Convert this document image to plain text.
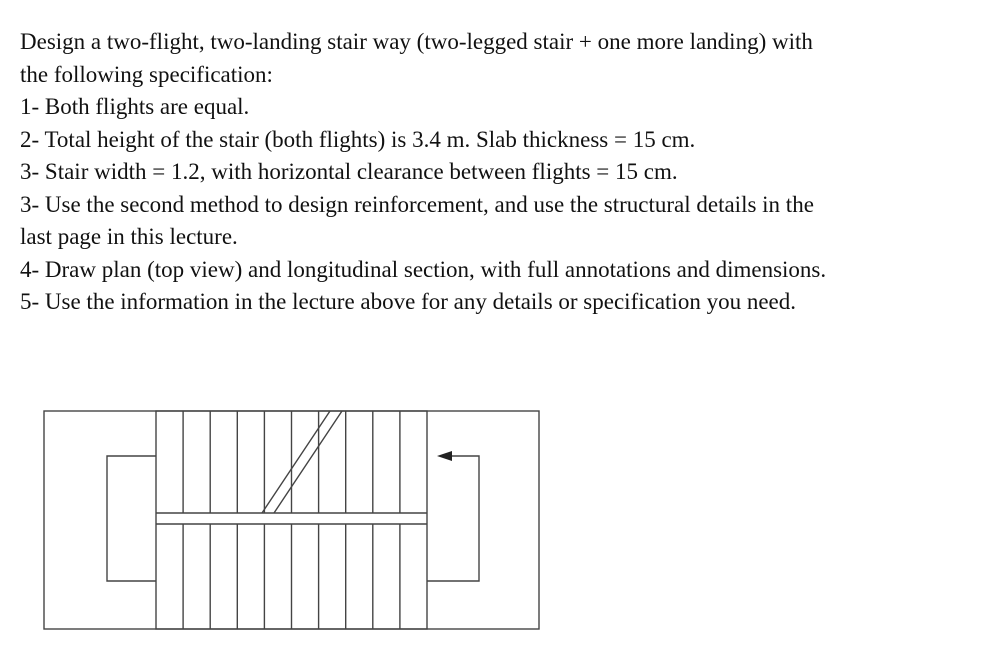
Design a two-flight, two-landing stair way (two-legged stair + one more landing) with

the following specification:

1- Both flights are equal.

2- Total height of the stair (both flights) is 3.4 m. Slab thickness = 15 cm.

3- Stair width = 1.2, with horizontal clearance between flights = 15 cm.

3- Use the second method to design reinforcement, and use the structural details in the

last page in this lecture.

4- Draw plan (top view) and longitudinal section, with full annotations and dimensions.

5- Use the information in the lecture above for any details or specification you need.
